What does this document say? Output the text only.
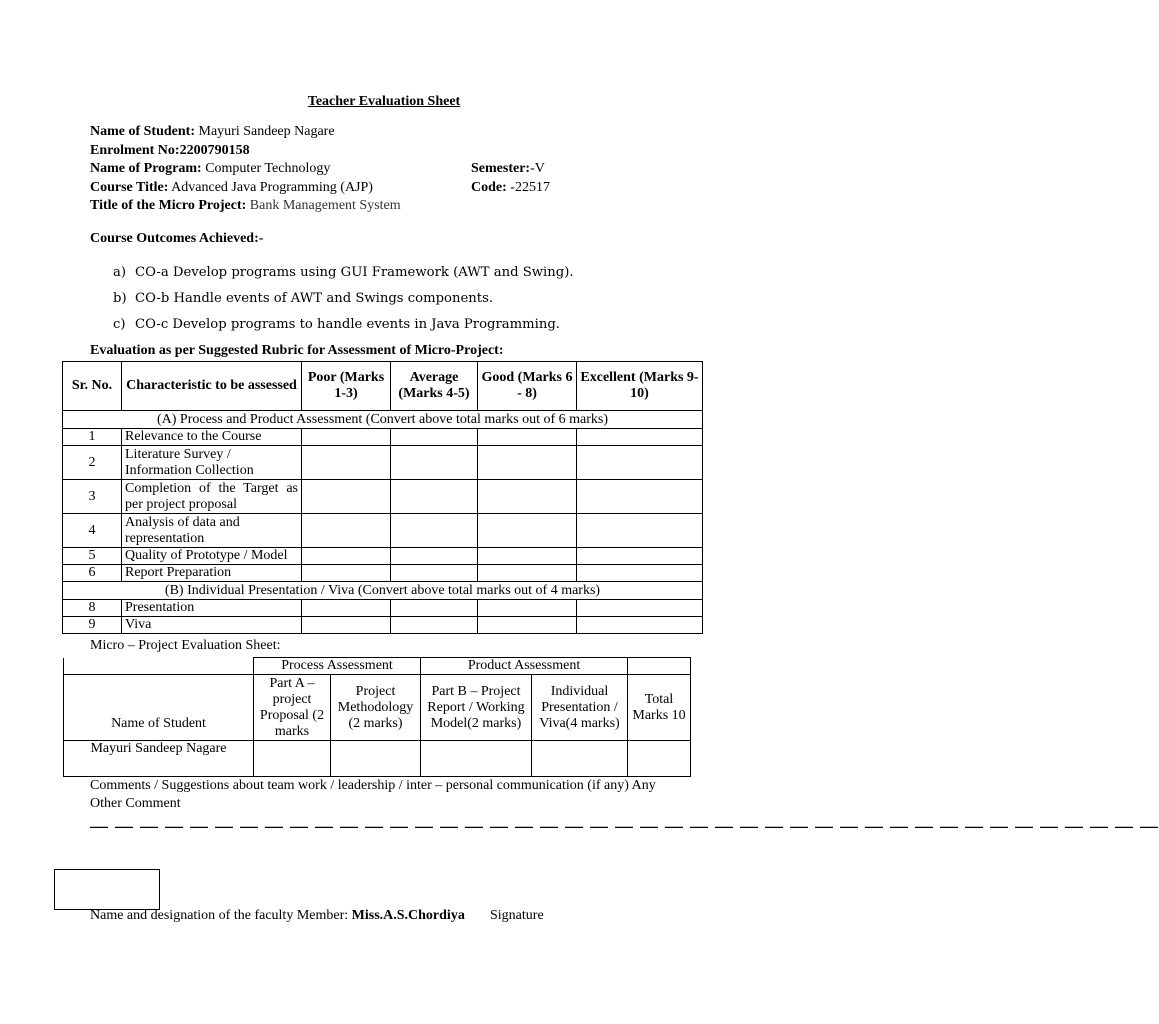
Teacher Evaluation Sheet
Name of Student: Mayuri Sandeep Nagare
Enrolment No:2200790158
Name of Program: Computer Technology
Course Title: Advanced Java Programming (AJP)
Title of the Micro Project: Bank Management System
Semester:-V
Code: -22517
Course Outcomes Achieved:-
a) CO-a Develop programs using GUI Framework (AWT and Swing).
b) CO-b Handle events of AWT and Swings components.
c) CO-c Develop programs to handle events in Java Programming.
Evaluation as per Suggested Rubric for Assessment of Micro-Project:
Sr. No.	Characteristic to be assessed	Poor (Marks 1-3)	Average (Marks 4-5)	Good (Marks 6 - 8)	Excellent (Marks 9-10)
(A) Process and Product Assessment (Convert above total marks out of 6 marks)					
1	Relevance to the Course				
2	Literature Survey / Information Collection				
3	Completion of the Target as per project proposal				
4	Analysis of data and representation				
5	Quality of Prototype / Model				
6	Report Preparation				
(B) Individual Presentation / Viva (Convert above total marks out of 4 marks)					
8	Presentation				
9	Viva				
Micro – Project Evaluation Sheet:
	Process Assessment		Product Assessment		
Name of Student	Part A – project Proposal (2 marks	Project Methodology (2 marks)	Part B – Project Report / Working Model(2 marks)	Individual Presentation / Viva(4 marks)	Total Marks 10
Mayuri Sandeep Nagare					
Comments / Suggestions about team work / leadership / inter – personal communication (if any) Any Other Comment
— — — — — — — — — — — — — — — — — — — — — — — — — — — — — — — — — — — — — — — — — — —
Name and designation of the faculty Member: Miss.A.S.Chordiya Signature
